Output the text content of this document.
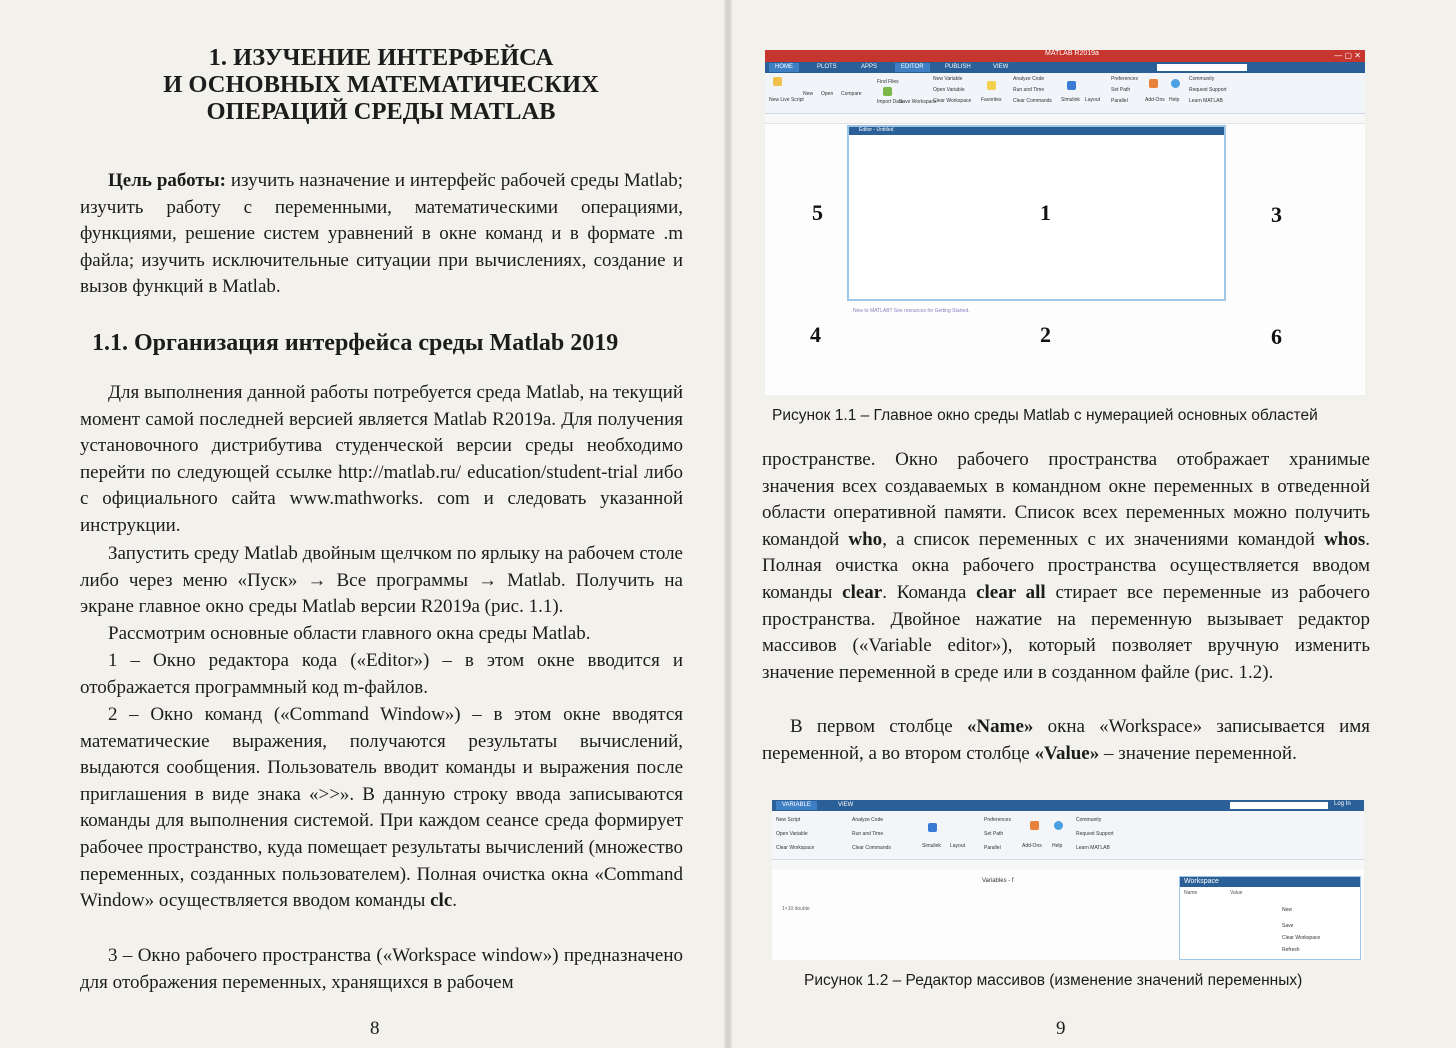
1. ИЗУЧЕНИЕ ИНТЕРФЕЙСА
И ОСНОВНЫХ МАТЕМАТИЧЕСКИХ
ОПЕРАЦИЙ СРЕДЫ MATLAB

Цель работы: изучить назначение и интерфейс рабочей среды Matlab; изучить работу с переменными, математическими операциями, функциями, решение систем уравнений в окне команд и в формате .m файла; изучить исключительные ситуации при вычислениях, создание и вызов функций в Matlab.

1.1. Организация интерфейса среды Matlab 2019

Для выполнения данной работы потребуется среда Matlab, на текущий момент самой последней версией является Matlab R2019a. Для получения установочного дистрибутива студенческой версии среды необходимо перейти по следующей ссылке http://matlab.ru/ education/student-trial либо с официального сайта www.mathworks. com и следовать указанной инструкции.

Запустить среду Matlab двойным щелчком по ярлыку на рабочем столе либо через меню «Пуск» → Все программы → Matlab. Получить на экране главное окно среды Matlab версии R2019a (рис. 1.1).

Рассмотрим основные области главного окна среды Matlab.

1 – Окно редактора кода («Editor») – в этом окне вводится и отображается программный код m-файлов.

2 – Окно команд («Command Window») – в этом окне вводятся математические выражения, получаются результаты вычислений, выдаются сообщения. Пользователь вводит команды и выражения после приглашения в виде знака «>>». В данную строку ввода записываются команды для выполнения системой. При каждом сеансе среда формирует рабочее пространство, куда помещает результаты вычислений (множество переменных, созданных пользователем). Полная очистка окна «Command Window» осуществляется вводом команды clc.

3 – Окно рабочего пространства («Workspace window») предназначено для отображения переменных, хранящихся в рабочем

8
MATLAB R2019a	— ▢ ✕
HOME	PLOTS	APPS	EDITOR	PUBLISH	VIEW
New Live Script
New Open Compare
Find Files
Import Data
Save Workspace
New Variable
Open Variable
Clear Workspace Favorites
Analyze Code
Run and Time
Clear Commands Simulink Layout
Preferences
Set Path
Parallel	Add-Ons Help
Community
Request Support
Learn MATLAB
Editor - Untitled
New to MATLAB? See resources for Getting Started.
5	1	3
4	2	6

Рисунок 1.1 – Главное окно среды Matlab с нумерацией основных областей

пространстве. Окно рабочего пространства отображает хранимые значения всех создаваемых в командном окне переменных в отведенной области оперативной памяти. Список всех переменных можно получить командой who, а список переменных с их значениями командой whos. Полная очистка окна рабочего пространства осуществляется вводом команды clear. Команда clear all стирает все переменные из рабочего пространства. Двойное нажатие на переменную вызывает редактор массивов («Variable editor»), который позволяет вручную изменить значение переменной в среде или в созданном файле (рис. 1.2).

В первом столбце «Name» окна «Workspace» записывается имя переменной, а во втором столбце «Value» – значение переменной.

VARIABLE	VIEW	Log In
New Script
Open Variable
Clear Workspace
Analyze Code
Run and Time
Clear Commands	Simulink Layout
Preferences
Set Path
Parallel	Add-Ons Help
Community
Request Support
Learn MATLAB
Variables - f
1×10 double
Workspace
Name	Value
New
Save
Clear Workspace
Refresh

Рисунок 1.2 – Редактор массивов (изменение значений переменных)

9
